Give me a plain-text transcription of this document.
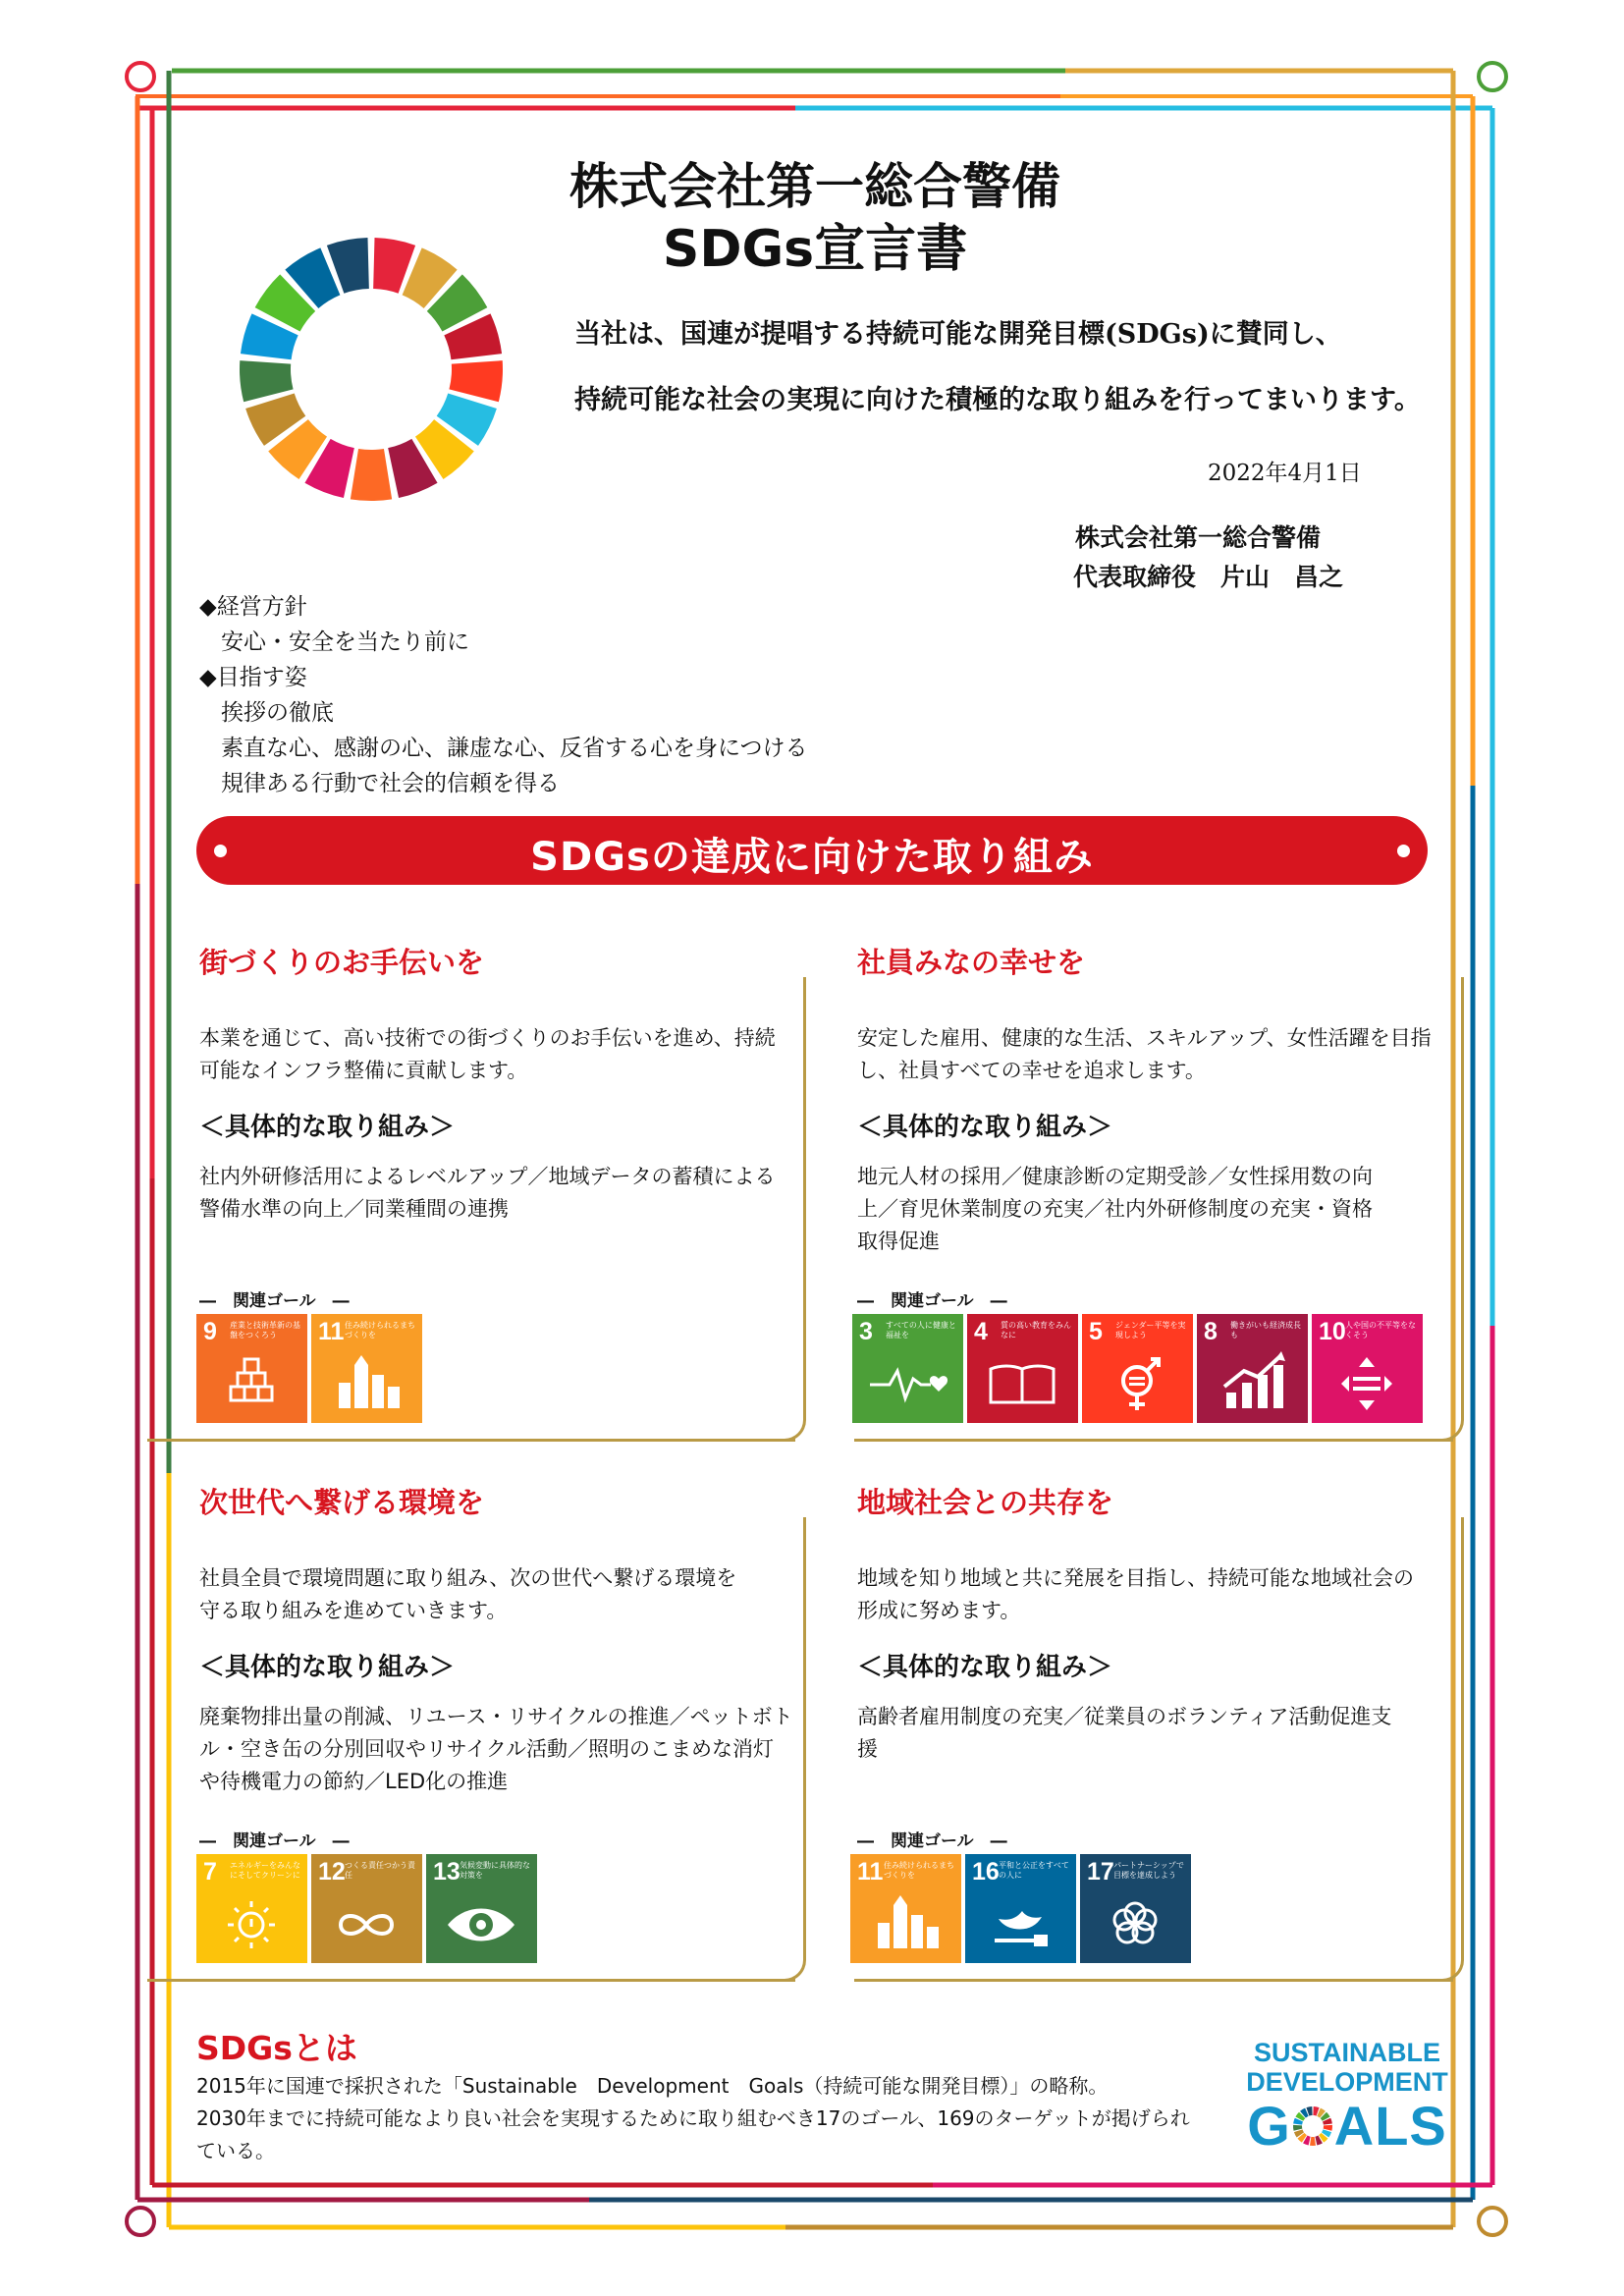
株式会社第一総合警備
SDGs宣言書
当社は、国連が提唱する持続可能な開発目標(SDGs)に賛同し、
持続可能な社会の実現に向けた積極的な取り組みを行ってまいります。
2022年4月1日
株式会社第一総合警備
代表取締役　片山　昌之
◆経営方針
安心・安全を当たり前に
◆目指す姿
挨拶の徹底
素直な心、感謝の心、謙虚な心、反省する心を身につける
規律ある行動で社会的信頼を得る
SDGsの達成に向けた取り組み
街づくりのお手伝いを
本業を通じて、高い技術での街づくりのお手伝いを進め、持続
可能なインフラ整備に貢献します。
＜具体的な取り組み＞
社内外研修活用によるレベルアップ／地域データの蓄積による
警備水準の向上／同業種間の連携
―　関連ゴール　―
9 産業と技術革新の基盤をつくろう	11 住み続けられるまちづくりを
社員みなの幸せを
安定した雇用、健康的な生活、スキルアップ、女性活躍を目指
し、社員すべての幸せを追求します。
＜具体的な取り組み＞
地元人材の採用／健康診断の定期受診／女性採用数の向
上／育児休業制度の充実／社内外研修制度の充実・資格
取得促進
―　関連ゴール　―
3 すべての人に健康と福祉を	4 質の高い教育をみんなに	5 ジェンダー平等を実現しよう	8 働きがいも経済成長も	10 人や国の不平等をなくそう
次世代へ繋げる環境を
社員全員で環境問題に取り組み、次の世代へ繋げる環境を
守る取り組みを進めていきます。
＜具体的な取り組み＞
廃棄物排出量の削減、リユース・リサイクルの推進／ペットボト
ル・空き缶の分別回収やリサイクル活動／照明のこまめな消灯
や待機電力の節約／LED化の推進
―　関連ゴール　―
7 エネルギーをみんなにそしてクリーンに 12 つくる責任つかう責任	13 気候変動に具体的な対策を
地域社会との共存を
地域を知り地域と共に発展を目指し、持続可能な地域社会の
形成に努めます。
＜具体的な取り組み＞
高齢者雇用制度の充実／従業員のボランティア活動促進支
援
―　関連ゴール　―
11 住み続けられるまちづくりを	16 平和と公正をすべての人に	17 パートナーシップで目標を達成しよう
SDGsとは
2015年に国連で採択された「Sustainable　Development　Goals（持続可能な開発目標）」の略称。
2030年までに持続可能なより良い社会を実現するために取り組むべき17のゴール、169のターゲットが掲げられ
ている。
SUSTAINABLE
DEVELOPMENT
G ALS
